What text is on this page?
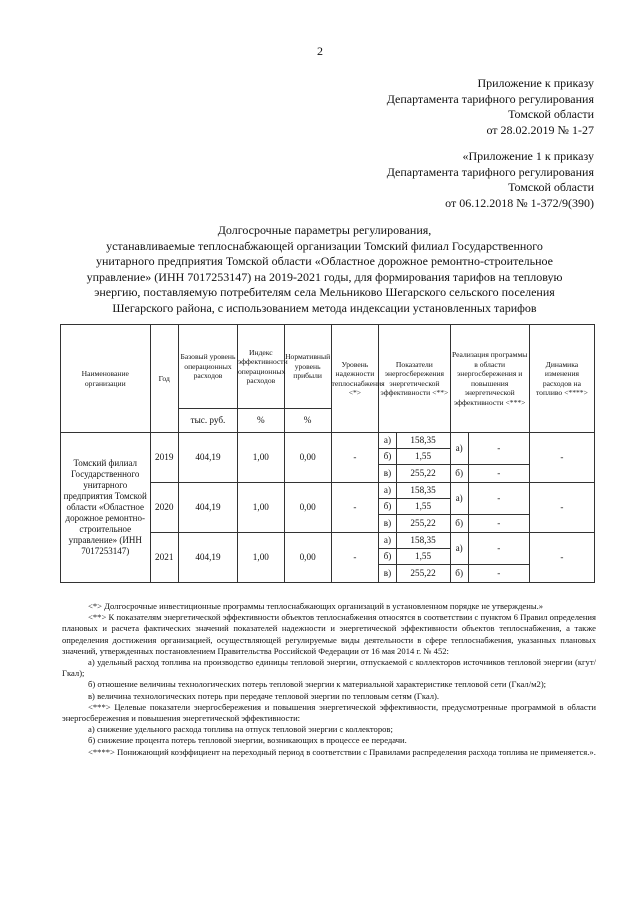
2
Приложение к приказу
Департамента тарифного регулирования
Томской области
от 28.02.2019 № 1-27
«Приложение 1 к приказу
Департамента тарифного регулирования
Томской области
от 06.12.2018 № 1-372/9(390)
Долгосрочные параметры регулирования,
устанавливаемые теплоснабжающей организации Томский филиал Государственного
унитарного предприятия Томской области «Областное дорожное ремонтно-строительное
управление» (ИНН 7017253147) на 2019-2021 годы, для формирования тарифов на тепловую
энергию, поставляемую потребителям села Мельниково Шегарского сельского поселения
Шегарского района, с использованием метода индексации установленных тарифов
Наименование организации	Год	Базовый уровень операционных расходов	Индекс эффективности операционных расходов	Нормативный уровень прибыли	Уровень надежности теплоснабжения <*>	Показатели энергосбережения энергетической эффективности <**>		Реализация программы в области энергосбережения и повышения энергетической эффективности <***>		Динамика изменения расходов на топливо <****>
		тыс. руб.	%	%						
Томский филиал Государственного унитарного предприятия Томской области «Областное дорожное ремонтно-строительное управление» (ИНН 7017253147)	2019	404,19	1,00	0,00	-	а)	158,35	а)	-	-
						б)	1,55			
						в)	255,22	б)	-	
	2020	404,19	1,00	0,00	-	а)	158,35	а)	-	-
						б)	1,55			
						в)	255,22	б)	-	
	2021	404,19	1,00	0,00	-	а)	158,35	а)	-	-
						б)	1,55			
						в)	255,22	б)	-	

<*> Долгосрочные инвестиционные программы теплоснабжающих организаций в установленном порядке не утверждены.»

<**> К показателям энергетической эффективности объектов теплоснабжения относятся в соответствии с пунктом 6 Правил определения плановых и расчета фактических значений показателей надежности и энергетической эффективности объектов теплоснабжения, а также определения достижения организацией, осуществляющей регулируемые виды деятельности в сфере теплоснабжения, указанных плановых значений, утвержденных постановлением Правительства Российской Федерации от 16 мая 2014 г. № 452:

а) удельный расход топлива на производство единицы тепловой энергии, отпускаемой с коллекторов источников тепловой энергии (кгут/Гкал);

б) отношение величины технологических потерь тепловой энергии к материальной характеристике тепловой сети (Гкал/м2);

в) величина технологических потерь при передаче тепловой энергии по тепловым сетям (Гкал).

<***> Целевые показатели энергосбережения и повышения энергетической эффективности, предусмотренные программой в области энергосбережения и повышения энергетической эффективности:

а) снижение удельного расхода топлива на отпуск тепловой энергии с коллекторов;

б) снижение процента потерь тепловой энергии, возникающих в процессе ее передачи.

<****> Понижающий коэффициент на переходный период в соответствии с Правилами распределения расхода топлива не применяется.».
